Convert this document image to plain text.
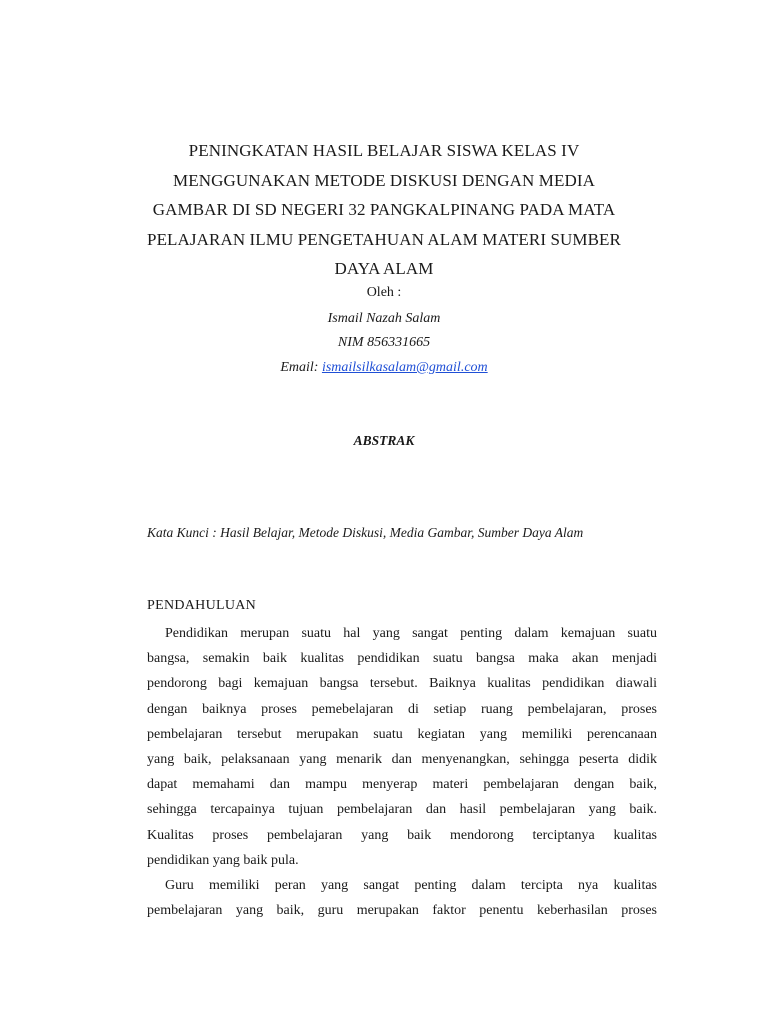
PENINGKATAN HASIL BELAJAR SISWA KELAS IV
MENGGUNAKAN METODE DISKUSI DENGAN MEDIA
GAMBAR DI SD NEGERI 32 PANGKALPINANG PADA MATA
PELAJARAN ILMU PENGETAHUAN ALAM MATERI SUMBER
DAYA ALAM
Oleh :
Ismail Nazah Salam
NIM 856331665
Email: ismailsilkasalam@gmail.com
ABSTRAK
Kata Kunci : Hasil Belajar, Metode Diskusi, Media Gambar, Sumber Daya Alam
PENDAHULUAN
Pendidikan merupan suatu hal yang sangat penting dalam kemajuan suatu
bangsa, semakin baik kualitas pendidikan suatu bangsa maka akan menjadi
pendorong bagi kemajuan bangsa tersebut. Baiknya kualitas pendidikan diawali
dengan baiknya proses pemebelajaran di setiap ruang pembelajaran, proses
pembelajaran tersebut merupakan suatu kegiatan yang memiliki perencanaan
yang baik, pelaksanaan yang menarik dan menyenangkan, sehingga peserta didik
dapat memahami dan mampu menyerap materi pembelajaran dengan baik,
sehingga tercapainya tujuan pembelajaran dan hasil pembelajaran yang baik.
Kualitas proses pembelajaran yang baik mendorong terciptanya kualitas
pendidikan yang baik pula.
Guru memiliki peran yang sangat penting dalam tercipta nya kualitas
pembelajaran yang baik, guru merupakan faktor penentu keberhasilan proses
